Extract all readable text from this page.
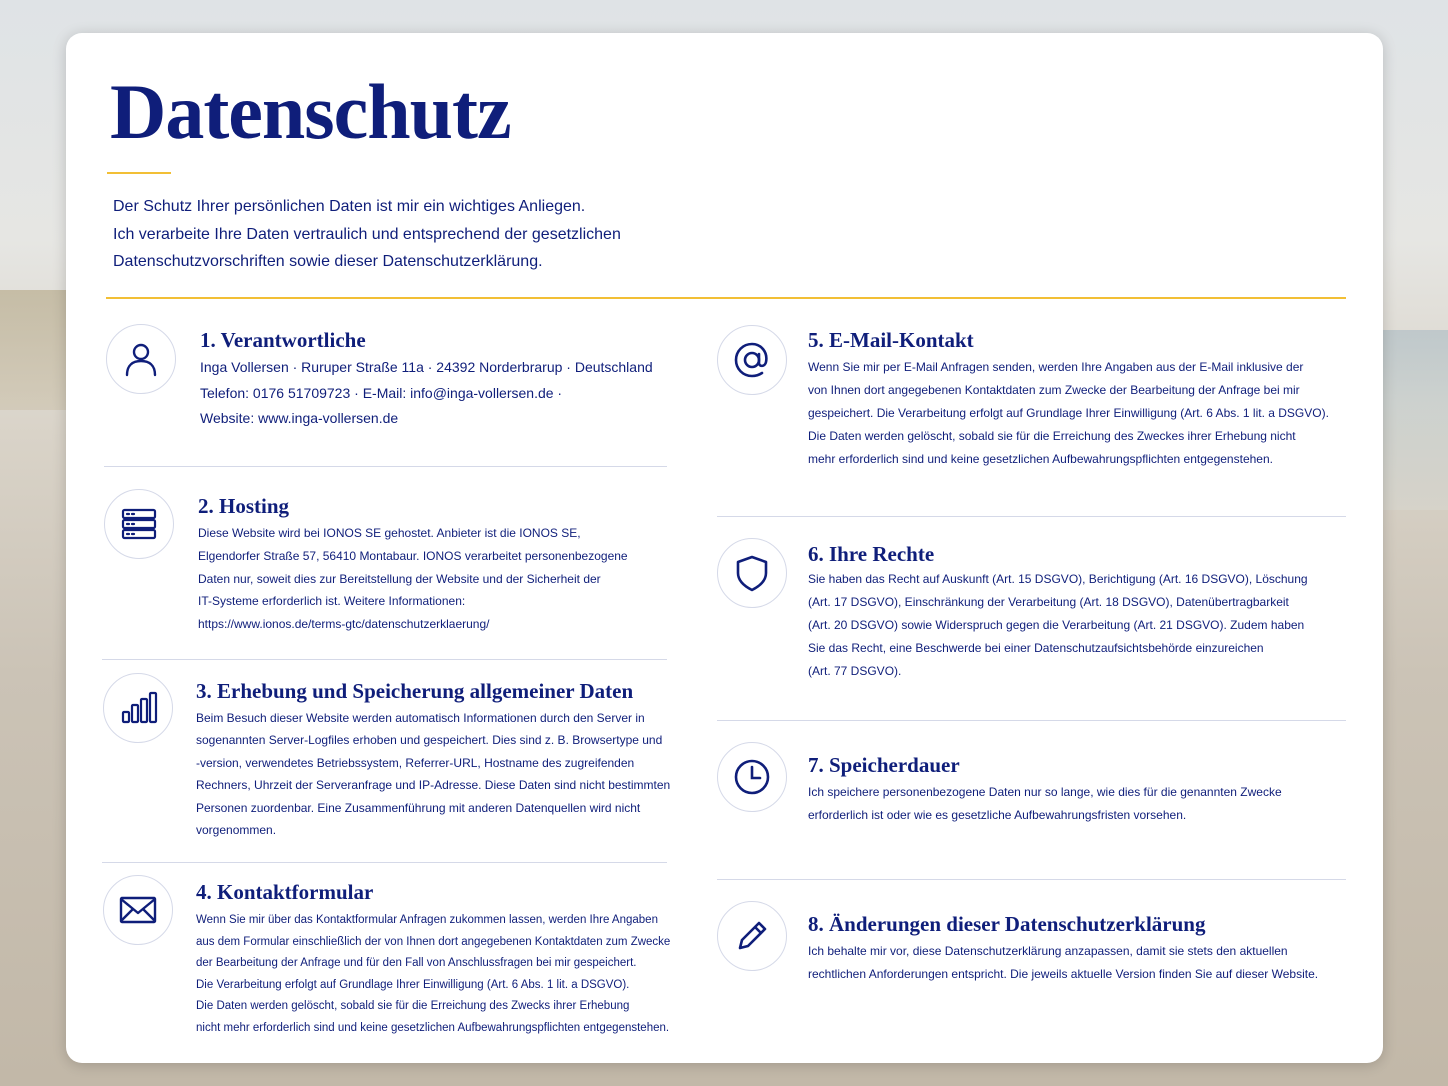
Datenschutz
Der Schutz Ihrer persönlichen Daten ist mir ein wichtiges Anliegen.
Ich verarbeite Ihre Daten vertraulich und entsprechend der gesetzlichen
Datenschutzvorschriften sowie dieser Datenschutzerklärung.
1. Verantwortliche
Inga Vollersen · Ruruper Straße 11a · 24392 Norderbrarup · Deutschland
Telefon: 0176 51709723 · E-Mail: info@inga-vollersen.de ·
Website: www.inga-vollersen.de
2. Hosting
Diese Website wird bei IONOS SE gehostet. Anbieter ist die IONOS SE,
Elgendorfer Straße 57, 56410 Montabaur. IONOS verarbeitet personenbezogene
Daten nur, soweit dies zur Bereitstellung der Website und der Sicherheit der
IT-Systeme erforderlich ist. Weitere Informationen:
https://www.ionos.de/terms-gtc/datenschutzerklaerung/
3. Erhebung und Speicherung allgemeiner Daten
Beim Besuch dieser Website werden automatisch Informationen durch den Server in
sogenannten Server-Logfiles erhoben und gespeichert. Dies sind z. B. Browsertype und
-version, verwendetes Betriebssystem, Referrer-URL, Hostname des zugreifenden
Rechners, Uhrzeit der Serveranfrage und IP-Adresse. Diese Daten sind nicht bestimmten
Personen zuordenbar. Eine Zusammenführung mit anderen Datenquellen wird nicht
vorgenommen.
4. Kontaktformular
Wenn Sie mir über das Kontaktformular Anfragen zukommen lassen, werden Ihre Angaben
aus dem Formular einschließlich der von Ihnen dort angegebenen Kontaktdaten zum Zwecke
der Bearbeitung der Anfrage und für den Fall von Anschlussfragen bei mir gespeichert.
Die Verarbeitung erfolgt auf Grundlage Ihrer Einwilligung (Art. 6 Abs. 1 lit. a DSGVO).
Die Daten werden gelöscht, sobald sie für die Erreichung des Zwecks ihrer Erhebung
nicht mehr erforderlich sind und keine gesetzlichen Aufbewahrungspflichten entgegenstehen.
5. E-Mail-Kontakt
Wenn Sie mir per E-Mail Anfragen senden, werden Ihre Angaben aus der E-Mail inklusive der
von Ihnen dort angegebenen Kontaktdaten zum Zwecke der Bearbeitung der Anfrage bei mir
gespeichert. Die Verarbeitung erfolgt auf Grundlage Ihrer Einwilligung (Art. 6 Abs. 1 lit. a DSGVO).
Die Daten werden gelöscht, sobald sie für die Erreichung des Zweckes ihrer Erhebung nicht
mehr erforderlich sind und keine gesetzlichen Aufbewahrungspflichten entgegenstehen.
6. Ihre Rechte
Sie haben das Recht auf Auskunft (Art. 15 DSGVO), Berichtigung (Art. 16 DSGVO), Löschung
(Art. 17 DSGVO), Einschränkung der Verarbeitung (Art. 18 DSGVO), Datenübertragbarkeit
(Art. 20 DSGVO) sowie Widerspruch gegen die Verarbeitung (Art. 21 DSGVO). Zudem haben
Sie das Recht, eine Beschwerde bei einer Datenschutzaufsichtsbehörde einzureichen
(Art. 77 DSGVO).
7. Speicherdauer
Ich speichere personenbezogene Daten nur so lange, wie dies für die genannten Zwecke
erforderlich ist oder wie es gesetzliche Aufbewahrungsfristen vorsehen.
8. Änderungen dieser Datenschutzerklärung
Ich behalte mir vor, diese Datenschutzerklärung anzapassen, damit sie stets den aktuellen
rechtlichen Anforderungen entspricht. Die jeweils aktuelle Version finden Sie auf dieser Website.
